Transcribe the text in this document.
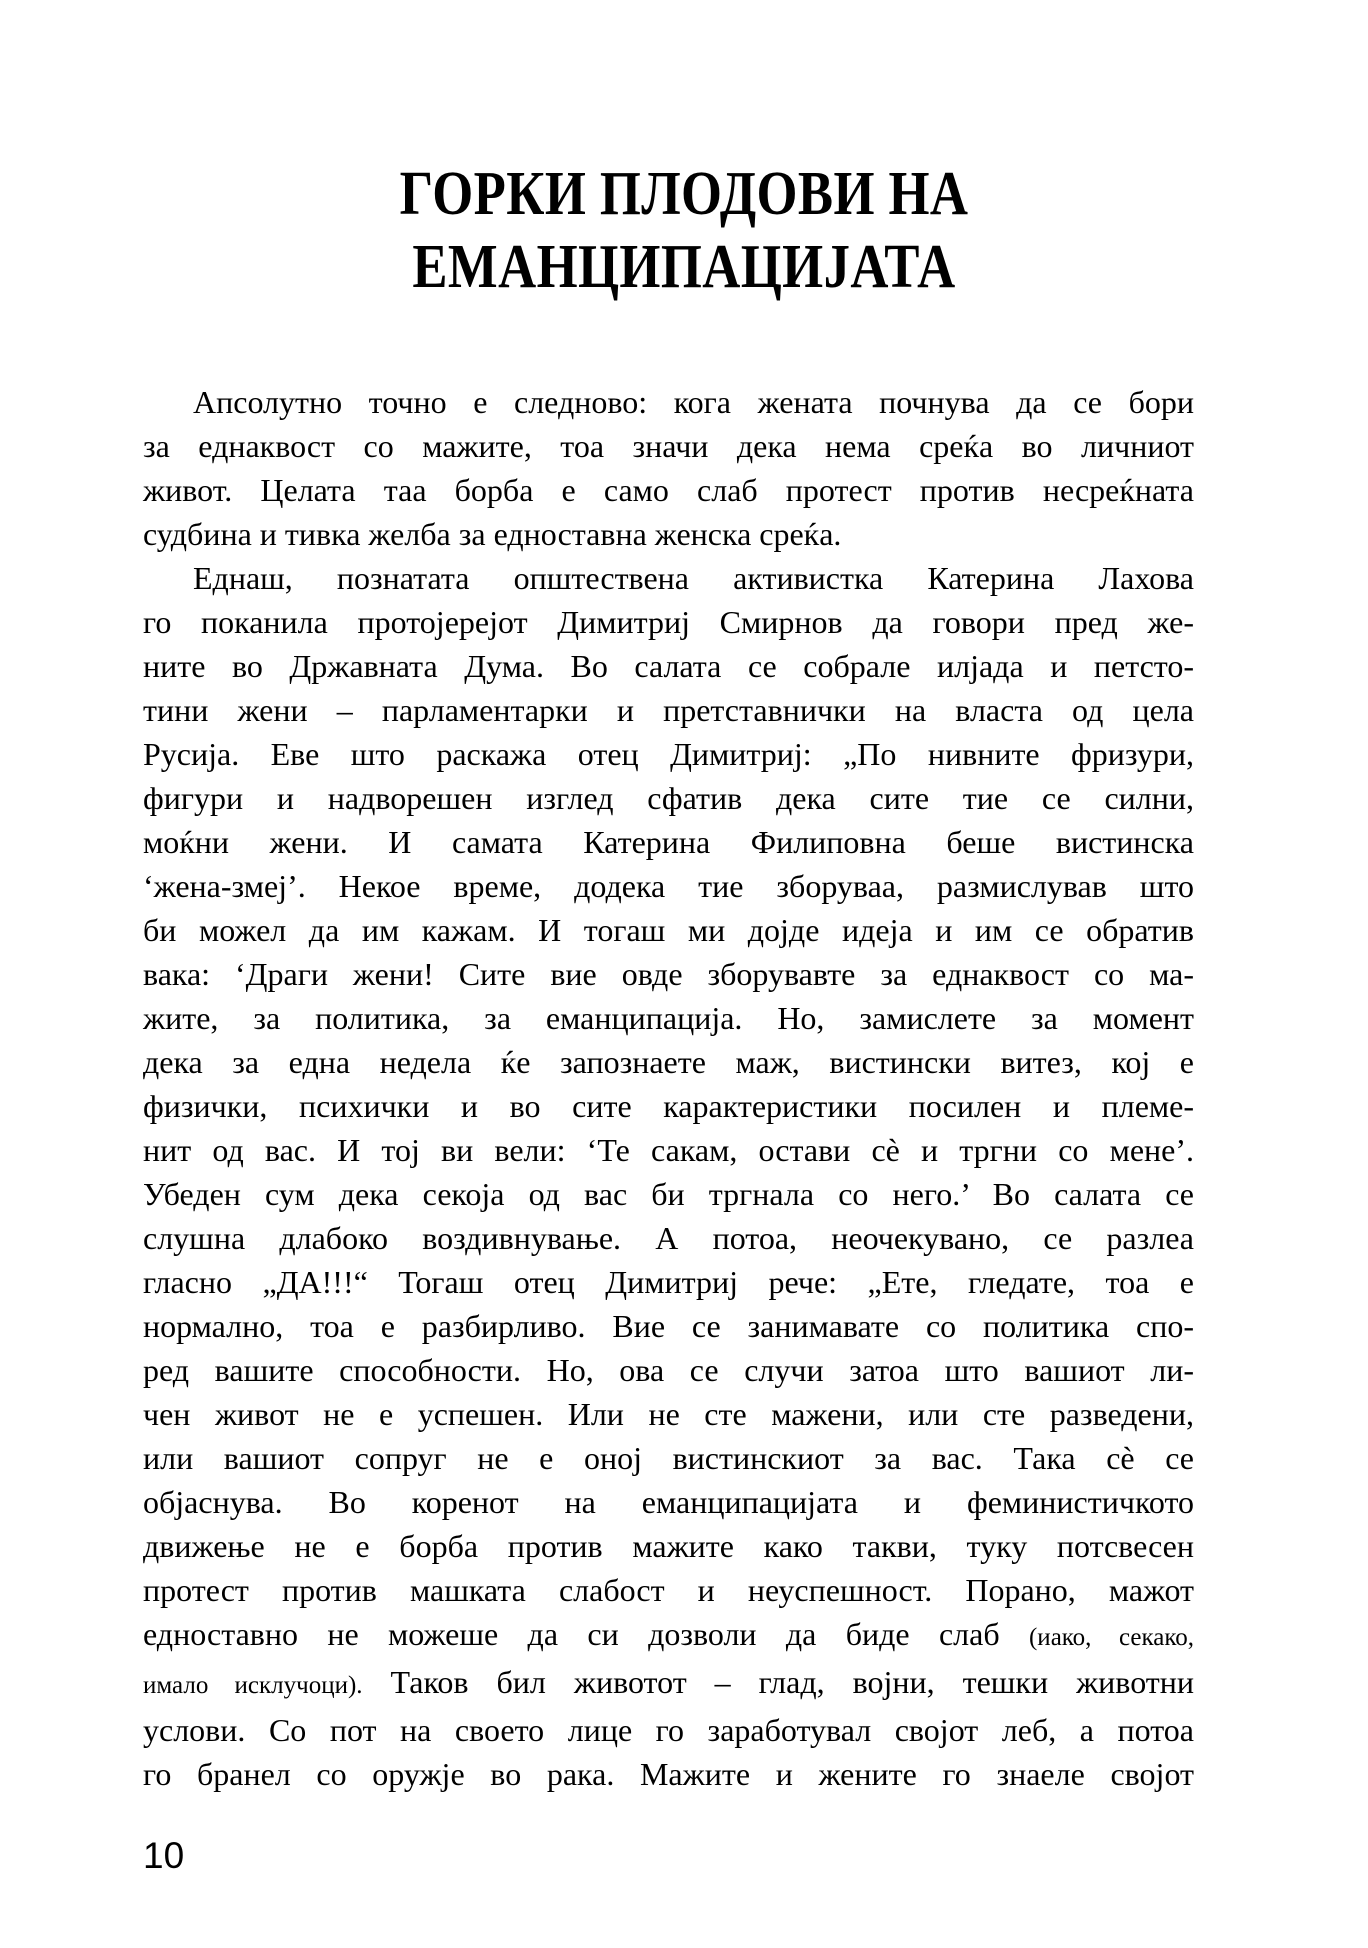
ГОРКИ ПЛОДОВИ НА
ЕМАНЦИПАЦИЈАТА
Апсолутно точно е следново: кога жената почнува да се бори
за еднаквост со мажите, тоа значи дека нема среќа во личниот
живот. Целата таа борба е само слаб протест против несреќната
судбина и тивка желба за едноставна женска среќа.
Еднаш, познатата општествена активистка Катерина Лахова
го поканила протојерејот Димитриј Смирнов да говори пред же-
ните во Државната Дума. Во салата се собрале илјада и петсто-
тини жени – парламентарки и претставнички на власта од цела
Русија. Еве што раскажа отец Димитриј: „По нивните фризури,
фигури и надворешен изглед сфатив дека сите тие се силни,
моќни жени. И самата Катерина Филиповна беше вистинска
‘жена-змеј’. Некое време, додека тие зборуваа, размислував што
би можел да им кажам. И тогаш ми дојде идеја и им се обратив
вака: ‘Драги жени! Сите вие овде зборувавте за еднаквост со ма-
жите, за политика, за еманципација. Но, замислете за момент
дека за една недела ќе запознаете маж, вистински витез, кој е
физички, психички и во сите карактеристики посилен и племе-
нит од вас. И тој ви вели: ‘Те сакам, остави сѐ и тргни со мене’.
Убеден сум дека секоја од вас би тргнала со него.’ Во салата се
слушна длабоко воздивнување. А потоа, неочекувано, се разлеа
гласно „ДА!!!“ Тогаш отец Димитриј рече: „Ете, гледате, тоа е
нормално, тоа е разбирливо. Вие се занимавате со политика спо-
ред вашите способности. Но, ова се случи затоа што вашиот ли-
чен живот не е успешен. Или не сте мажени, или сте разведени,
или вашиот сопруг не е оној вистинскиот за вас. Така сѐ се
објаснува. Во коренот на еманципацијата и феминистичкото
движење не е борба против мажите како такви, туку потсвесен
протест против машката слабост и неуспешност. Порано, мажот
едноставно не можеше да си дозволи да биде слаб (иако, секако,
имало исклучоци). Таков бил животот – глад, војни, тешки животни
услови. Со пот на своето лице го заработувал својот леб, а потоа
го бранел со оружје во рака. Мажите и жените го знаеле својот
10
